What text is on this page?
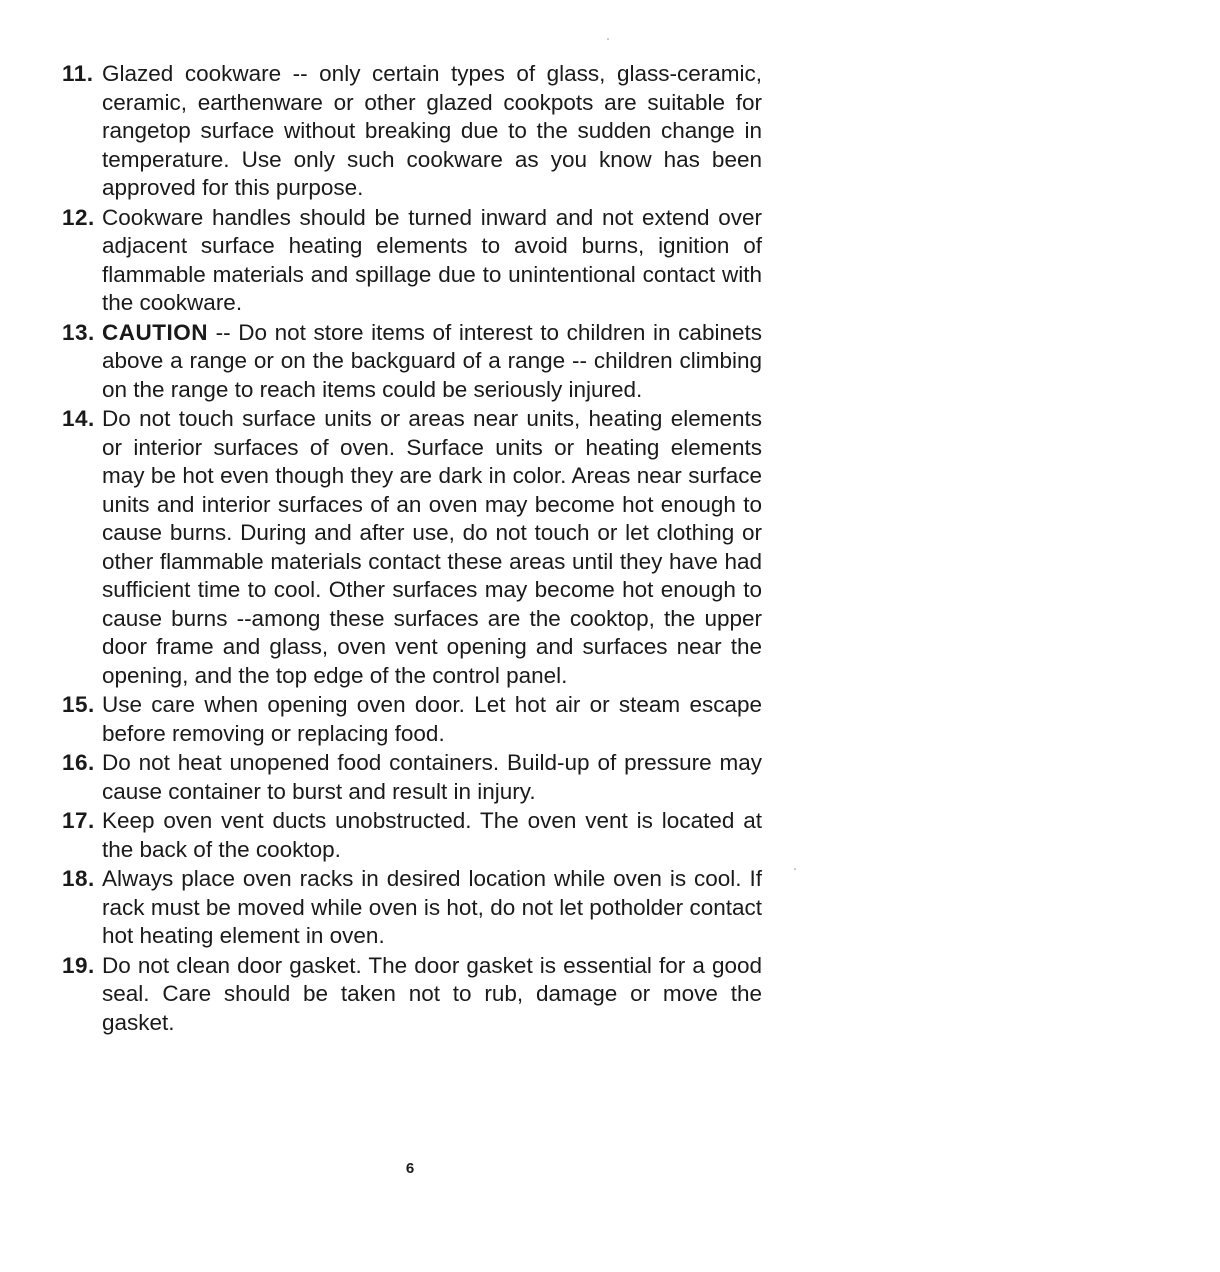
11. Glazed cookware -- only certain types of glass, glass-ceramic, ceramic, earthenware or other glazed cookpots are suitable for rangetop surface without breaking due to the sudden change in temperature. Use only such cookware as you know has been approved for this purpose.
12. Cookware handles should be turned inward and not extend over adjacent surface heating elements to avoid burns, ignition of flammable materials and spillage due to unintentional contact with the cookware.
13. CAUTION -- Do not store items of interest to children in cabinets above a range or on the backguard of a range -- children climbing on the range to reach items could be seriously injured.
14. Do not touch surface units or areas near units, heating elements or interior surfaces of oven. Surface units or heating elements may be hot even though they are dark in color. Areas near surface units and interior surfaces of an oven may become hot enough to cause burns. During and after use, do not touch or let clothing or other flammable materials contact these areas until they have had sufficient time to cool. Other surfaces may become hot enough to cause burns --among these surfaces are the cooktop, the upper door frame and glass, oven vent opening and surfaces near the opening, and the top edge of the control panel.
15. Use care when opening oven door. Let hot air or steam escape before removing or replacing food.
16. Do not heat unopened food containers. Build-up of pressure may cause container to burst and result in injury.
17. Keep oven vent ducts unobstructed. The oven vent is located at the back of the cooktop.
18. Always place oven racks in desired location while oven is cool. If rack must be moved while oven is hot, do not let potholder contact hot heating element in oven.
19. Do not clean door gasket. The door gasket is essential for a good seal. Care should be taken not to rub, damage or move the gasket.
6
